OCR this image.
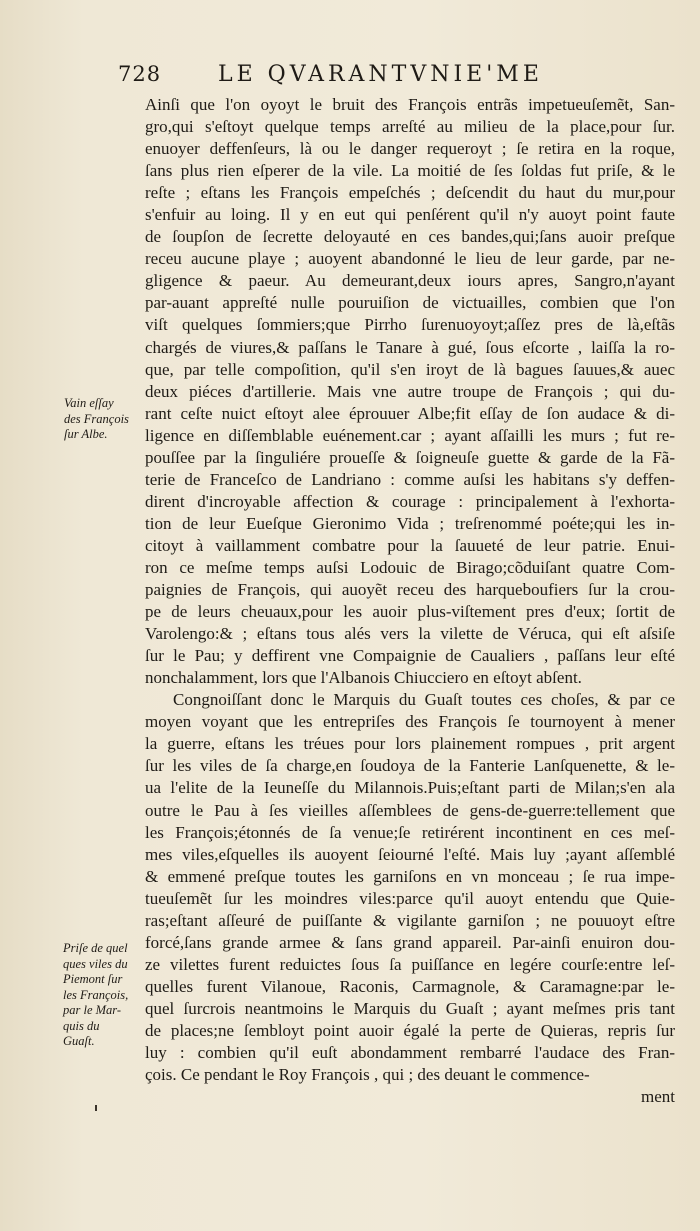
728	LE QVARANTVNIE'ME
Ainſi que l'on oyoyt le bruit des François entrãs impetueuſemẽt, San-
gro,qui s'eſtoyt quelque temps arreſté au milieu de la place,pour ſur.
enuoyer deffenſeurs, là ou le danger requeroyt ; ſe retira en la roque,
ſans plus rien eſperer de la vile. La moitié de ſes ſoldas fut priſe, & le
reſte ; eſtans les François empeſchés ; deſcendit du haut du mur,pour
s'enfuir au loing. Il y en eut qui penſérent qu'il n'y auoyt point faute
de ſoupſon de ſecrette deloyauté en ces bandes,qui;ſans auoir preſque
receu aucune playe ; auoyent abandonné le lieu de leur garde, par ne-
gligence & paeur. Au demeurant,deux iours apres, Sangro,n'ayant
par-auant appreſté nulle pouruiſion de victuailles, combien que l'on
viſt quelques ſommiers;que Pirrho ſurenuoyoyt;aſſez pres de là,eſtãs
chargés de viures,& paſſans le Tanare à gué, ſous eſcorte , laiſſa la ro-
que, par telle compoſition, qu'il s'en iroyt de là bagues ſauues,& auec
deux piéces d'artillerie. Mais vne autre troupe de François ; qui du-
rant ceſte nuict eſtoyt alee éprouuer Albe;fit eſſay de ſon audace & di-
ligence en diſſemblable euénement.car ; ayant aſſailli les murs ; fut re-
pouſſee par la ſinguliére proueſſe & ſoigneuſe guette & garde de la Fã-
terie de Franceſco de Landriano : comme auſsi les habitans s'y deffen-
dirent d'incroyable affection & courage : principalement à l'exhorta-
tion de leur Eueſque Gieronimo Vida ; treſrenommé poéte;qui les in-
citoyt à vaillamment combatre pour la ſauueté de leur patrie. Enui-
ron ce meſme temps auſsi Lodouic de Birago;cõduiſant quatre Com-
paignies de François, qui auoyẽt receu des harqueboufiers ſur la crou-
pe de leurs cheuaux,pour les auoir plus-viſtement pres d'eux; ſortit de
Varolengo:& ; eſtans tous alés vers la vilette de Véruca, qui eſt aſsiſe
ſur le Pau; y deffirent vne Compaignie de Caualiers , paſſans leur eſté
nonchalamment, lors que l'Albanois Chiucciero en eſtoyt abſent.
Congnoiſſant donc le Marquis du Guaſt toutes ces choſes, & par ce
moyen voyant que les entrepriſes des François ſe tournoyent à mener
la guerre, eſtans les tréues pour lors plainement rompues , prit argent
ſur les viles de ſa charge,en ſoudoya de la Fanterie Lanſquenette, & le-
ua l'elite de la Ieuneſſe du Milannois.Puis;eſtant parti de Milan;s'en ala
outre le Pau à ſes vieilles aſſemblees de gens-de-guerre:tellement que
les François;étonnés de ſa venue;ſe retirérent incontinent en ces meſ-
mes viles,eſquelles ils auoyent ſeiourné l'eſté. Mais luy ;ayant aſſemblé
& emmené preſque toutes les garniſons en vn monceau ; ſe rua impe-
tueuſemẽt ſur les moindres viles:parce qu'il auoyt entendu que Quie-
ras;eſtant aſſeuré de puiſſante & vigilante garniſon ; ne pouuoyt eſtre
forcé,ſans grande armee & ſans grand appareil. Par-ainſi enuiron dou-
ze vilettes furent reduictes ſous ſa puiſſance en legére courſe:entre leſ-
quelles furent Vilanoue, Raconis, Carmagnole, & Caramagne:par le-
quel ſurcrois neantmoins le Marquis du Guaſt ; ayant meſmes pris tant
de places;ne ſembloyt point auoir égalé la perte de Quieras, repris ſur
luy : combien qu'il euſt abondamment rembarré l'audace des Fran-
çois. Ce pendant le Roy François , qui ; des deuant le commence-
ment
Vain eſſay
des François
ſur Albe.
Priſe de quel
ques viles du
Piemont ſur
les François,
par le Mar-
quis du
Guaſt.
